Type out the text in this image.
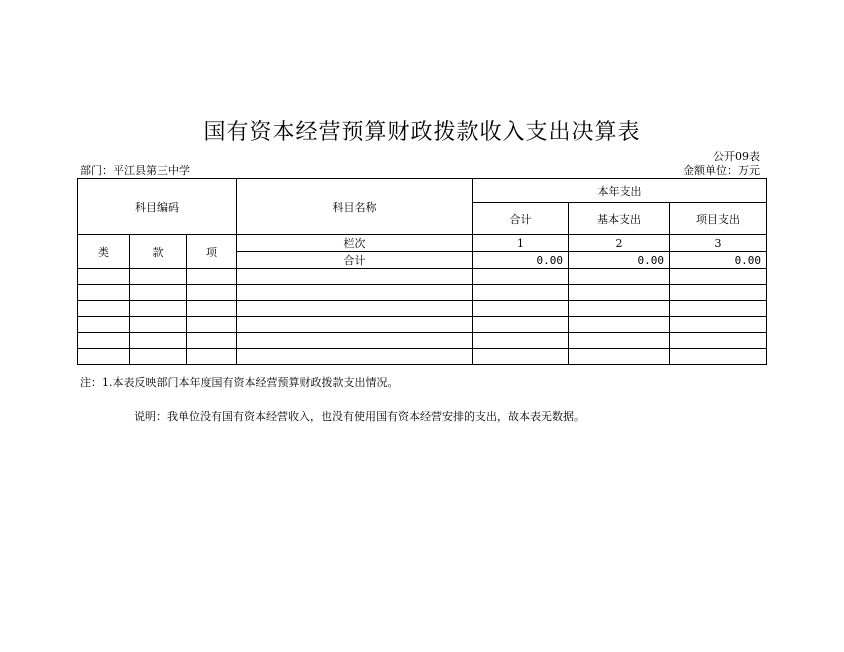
国有资本经营预算财政拨款收入支出决算表
公开09表
部门：平江县第三中学	金额单位：万元
科目编码			科目名称	本年支出		
				合计	基本支出	项目支出
类	款	项	栏次	1	2	3
			合计	0.00	0.00	0.00

注：1.本表反映部门本年度国有资本经营预算财政拨款支出情况。
说明：我单位没有国有资本经营收入，也没有使用国有资本经营安排的支出，故本表无数据。
